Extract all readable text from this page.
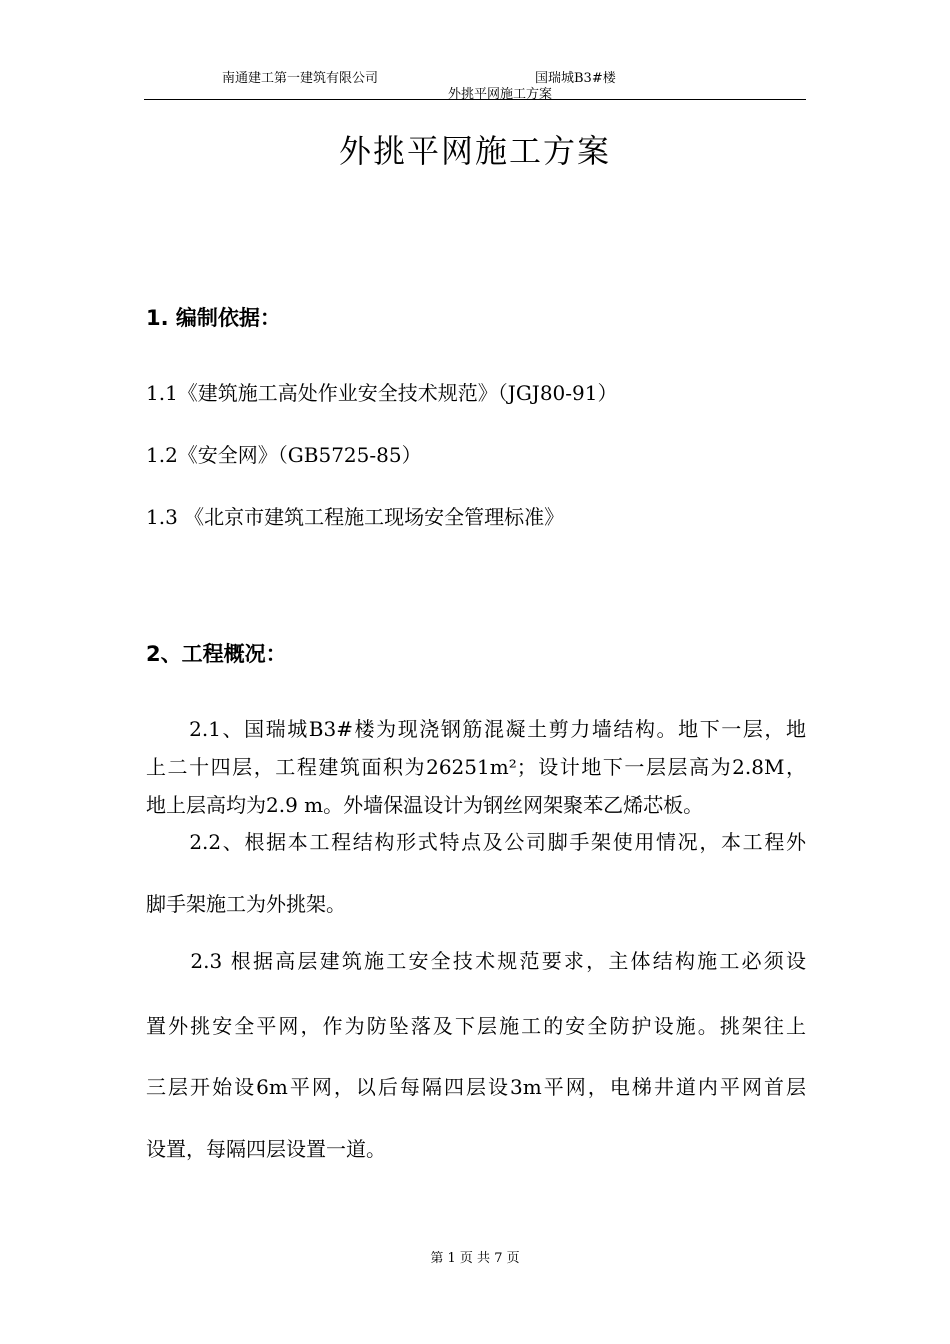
南通建工第一建筑有限公司	国瑞城B3#楼
外挑平网施工方案
外挑平网施工方案
1. 编制依据：
1.1《建筑施工高处作业安全技术规范》（JGJ80-91）
1.2《安全网》（GB5725-85）
1.3 《北京市建筑工程施工现场安全管理标准》
2、工程概况：
　　2.1、国瑞城B3#楼为现浇钢筋混凝土剪力墙结构。地下一层，地
上二十四层，工程建筑面积为26251m²；设计地下一层层高为2.8M，
地上层高均为2.9 m。外墙保温设计为钢丝网架聚苯乙烯芯板。
　　2.2、根据本工程结构形式特点及公司脚手架使用情况，本工程外
脚手架施工为外挑架。
　　2.3 根据高层建筑施工安全技术规范要求，主体结构施工必须设
置外挑安全平网，作为防坠落及下层施工的安全防护设施。挑架往上
三层开始设6m平网，以后每隔四层设3m平网，电梯井道内平网首层
设置，每隔四层设置一道。
第 1 页 共 7 页
